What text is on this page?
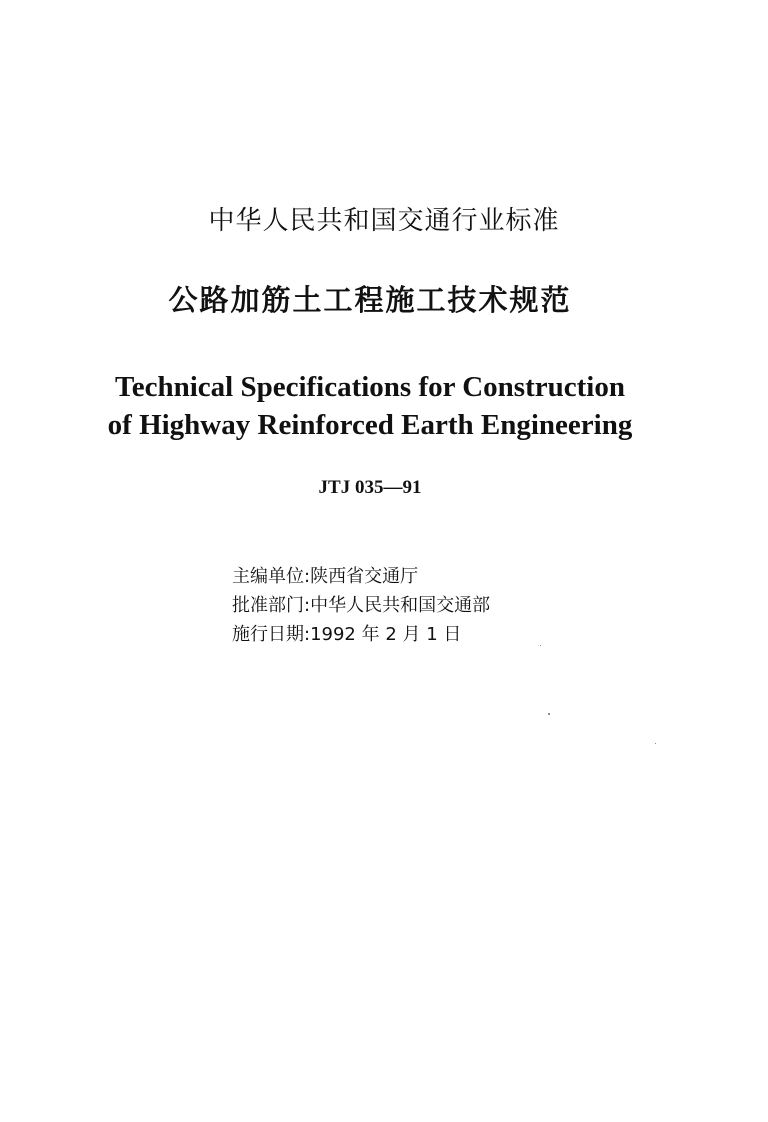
中华人民共和国交通行业标准
公路加筋土工程施工技术规范
Technical Specifications for Construction
of Highway Reinforced Earth Engineering
JTJ 035—91
主编单位:陕西省交通厅
批准部门:中华人民共和国交通部
施行日期:1992 年 2 月 1 日
